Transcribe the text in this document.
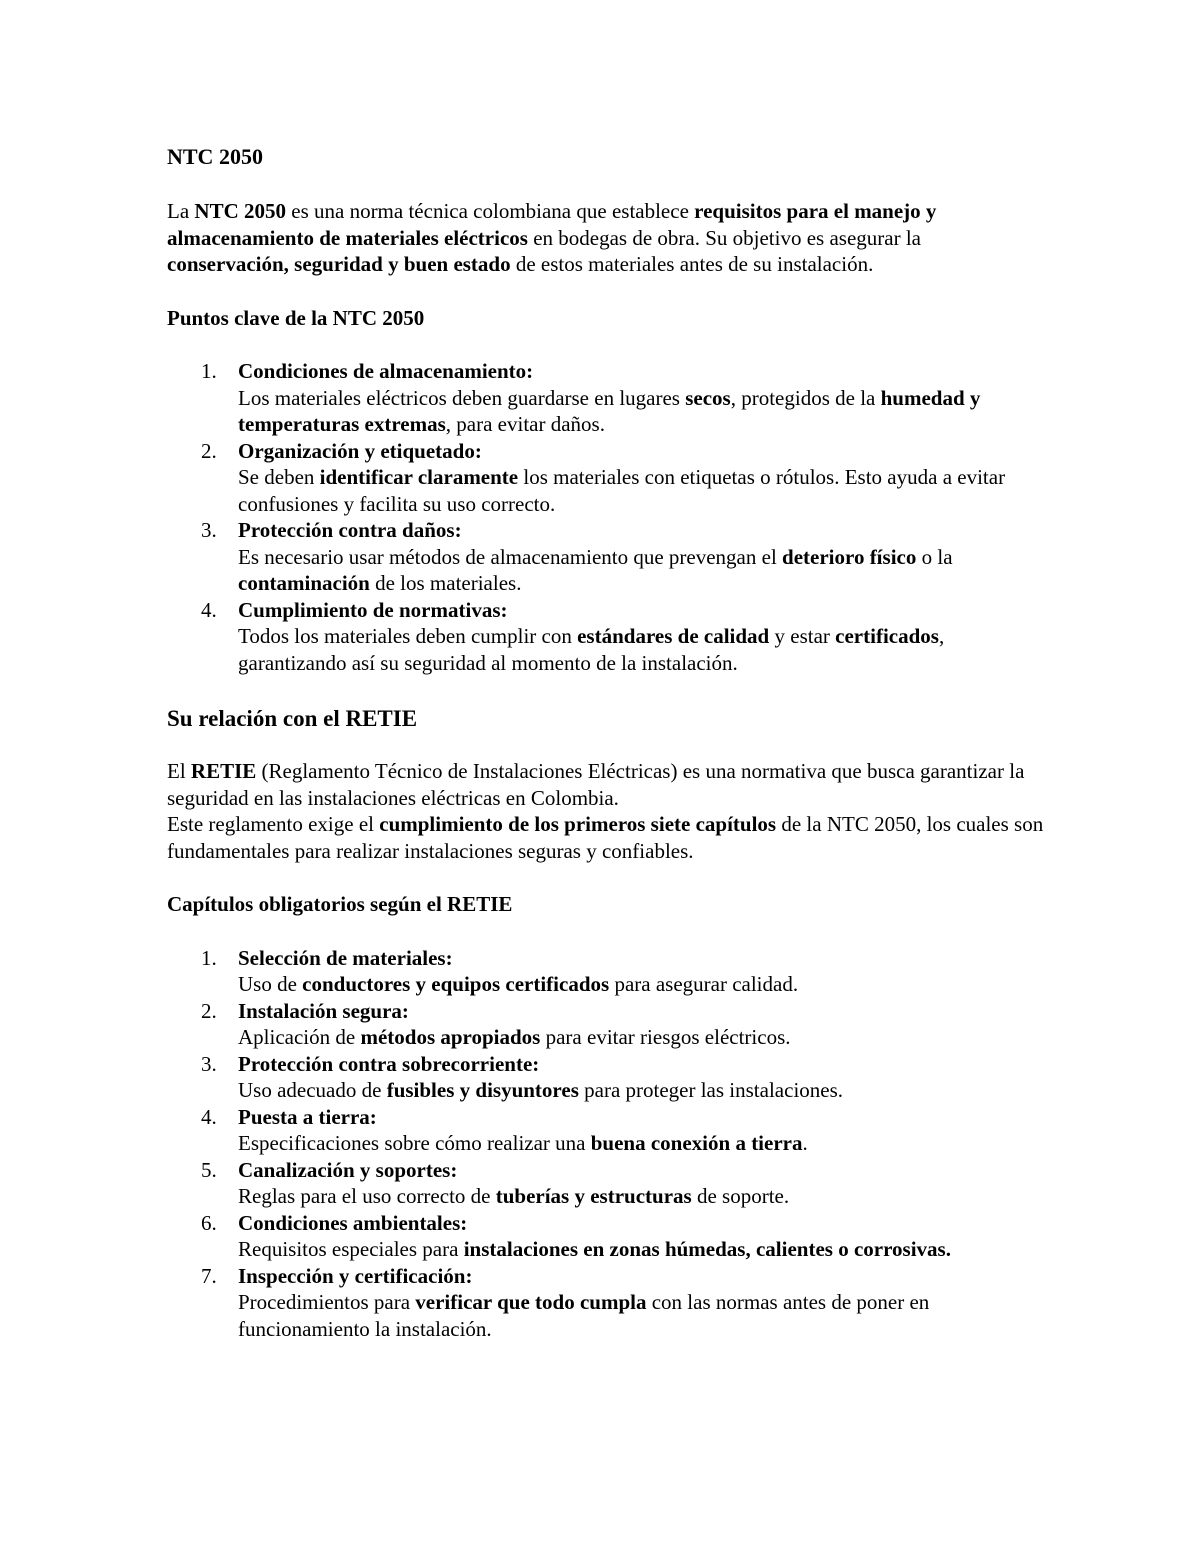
NTC 2050

La NTC 2050 es una norma técnica colombiana que establece requisitos para el manejo y almacenamiento de materiales eléctricos en bodegas de obra. Su objetivo es asegurar la conservación, seguridad y buen estado de estos materiales antes de su instalación.

Puntos clave de la NTC 2050

1. Condiciones de almacenamiento:
Los materiales eléctricos deben guardarse en lugares secos, protegidos de la humedad y temperaturas extremas, para evitar daños.
2. Organización y etiquetado:
Se deben identificar claramente los materiales con etiquetas o rótulos. Esto ayuda a evitar confusiones y facilita su uso correcto.
3. Protección contra daños:
Es necesario usar métodos de almacenamiento que prevengan el deterioro físico o la contaminación de los materiales.
4. Cumplimiento de normativas:
Todos los materiales deben cumplir con estándares de calidad y estar certificados, garantizando así su seguridad al momento de la instalación.
Su relación con el RETIE

El RETIE (Reglamento Técnico de Instalaciones Eléctricas) es una normativa que busca garantizar la seguridad en las instalaciones eléctricas en Colombia.

Este reglamento exige el cumplimiento de los primeros siete capítulos de la NTC 2050, los cuales son fundamentales para realizar instalaciones seguras y confiables.

Capítulos obligatorios según el RETIE

1. Selección de materiales:
Uso de conductores y equipos certificados para asegurar calidad.
2. Instalación segura:
Aplicación de métodos apropiados para evitar riesgos eléctricos.
3. Protección contra sobrecorriente:
Uso adecuado de fusibles y disyuntores para proteger las instalaciones.
4. Puesta a tierra:
Especificaciones sobre cómo realizar una buena conexión a tierra.
5. Canalización y soportes:
Reglas para el uso correcto de tuberías y estructuras de soporte.
6. Condiciones ambientales:
Requisitos especiales para instalaciones en zonas húmedas, calientes o corrosivas.
7. Inspección y certificación:
Procedimientos para verificar que todo cumpla con las normas antes de poner en funcionamiento la instalación.
